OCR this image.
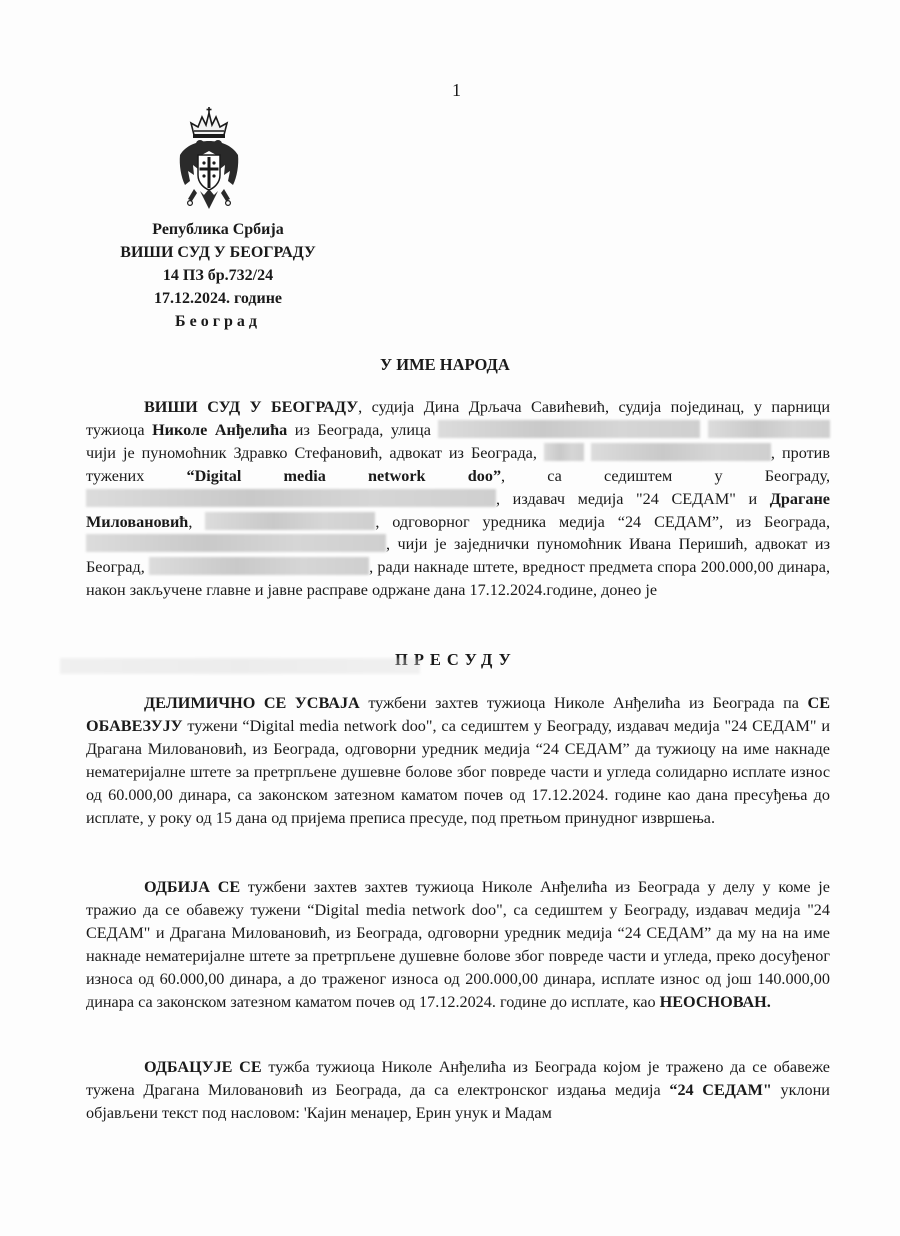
1
Република Србија
ВИШИ СУД У БЕОГРАДУ
14 ПЗ бр.732/24
17.12.2024. године
Београд
У ИМЕ НАРОДА

ВИШИ СУД У БЕОГРАДУ, судија Дина Дрљача Савићевић, судија појединац, у парници тужиоца Николе Анђелића из Београда, улица   чији је пуномоћник Здравко Стефановић, адвокат из Београда,	, против тужених “Digital media network doo”, са седиштем у Београду, , издавач медија "24 СЕДАМ" и Драгане Миловановић,	, одговорног уредника медија “24 СЕДАМ”, из Београда, , чији је заједнички пуномоћник Ивана Перишић, адвокат из Београд,	, ради накнаде штете, вредност предмета спора 200.000,00 динара, након закључене главне и јавне расправе одржане дана 17.12.2024.године, донео је

ПРЕСУДУ

ДЕЛИМИЧНО СЕ УСВАЈА тужбени захтев тужиоца Николе Анђелића из Београда па СЕ ОБАВЕЗУЈУ тужени “Digital media network doo", са седиштем у Београду, издавач медија "24 СЕДАМ" и Драгана Миловановић, из Београда, одговорни уредник медија “24 СЕДАМ” да тужиоцу на име накнаде нематеријалне штете за претрпљене душевне болове због повреде части и угледа солидарно исплате износ од 60.000,00 динара, са законском затезном каматом почев од 17.12.2024. године као дана пресуђења до исплате, у року од 15 дана од пријема преписа пресуде, под претњом принудног извршења.

ОДБИЈА СЕ тужбени захтев захтев тужиоца Николе Анђелића из Београда у делу у коме је тражио да се обавежу тужени “Digital media network doo", са седиштем у Београду, издавач медија "24 СЕДАМ" и Драгана Миловановић, из Београда, одговорни уредник медија “24 СЕДАМ” да му на на име накнаде нематеријалне штете за претрпљене душевне болове због повреде части и угледа, преко досуђеног износа од 60.000,00 динара, а до траженог износа од 200.000,00 динара, исплате износ од још 140.000,00 динара са законском затезном каматом почев од 17.12.2024. године до исплате, као НЕОСНОВАН.

ОДБАЦУЈЕ СЕ тужба тужиоца Николе Анђелића из Београда којом је тражено да се обавеже тужена Драгана Миловановић из Београда, да са електронског издања медија “24 СЕДАМ" уклони објављени текст под насловом: 'Кајин менаџер, Ерин унук и Мадам
